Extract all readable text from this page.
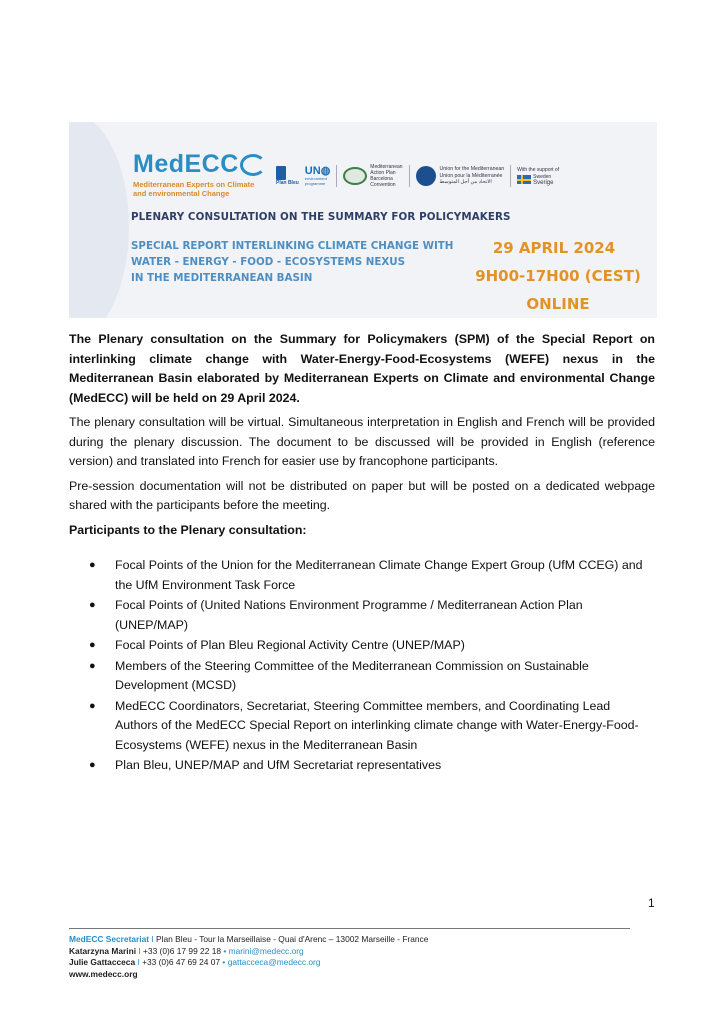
MedECC
Mediterranean Experts on Climate
and environmental Change
Plan Bleu
UN◍
environment
programme
Mediterranean
Action Plan
Barcelona
Convention
Union for the Mediterranean
Union pour la Méditerranée
الاتحاد من أجل المتوسط
With the support of
Sweden
Sverige
PLENARY CONSULTATION ON THE SUMMARY FOR POLICYMAKERS
SPECIAL REPORT INTERLINKING CLIMATE CHANGE WITH
WATER - ENERGY - FOOD - ECOSYSTEMS NEXUS
IN THE MEDITERRANEAN BASIN
29 APRIL 2024
9H00-17H00 (CEST)
ONLINE

The Plenary consultation on the Summary for Policymakers (SPM) of the Special Report on interlinking climate change with Water-Energy-Food-Ecosystems (WEFE) nexus in the Mediterranean Basin elaborated by Mediterranean Experts on Climate and environmental Change (MedECC) will be held on 29 April 2024.

The plenary consultation will be virtual. Simultaneous interpretation in English and French will be provided during the plenary discussion. The document to be discussed will be provided in English (reference version) and translated into French for easier use by francophone participants.

Pre-session documentation will not be distributed on paper but will be posted on a dedicated webpage shared with the participants before the meeting.

Participants to the Plenary consultation:

● Focal Points of the Union for the Mediterranean Climate Change Expert Group (UfM CCEG) and the UfM Environment Task Force
● Focal Points of (United Nations Environment Programme / Mediterranean Action Plan (UNEP/MAP)
● Focal Points of Plan Bleu Regional Activity Centre (UNEP/MAP)
● Members of the Steering Committee of the Mediterranean Commission on Sustainable Development (MCSD)
● MedECC Coordinators, Secretariat, Steering Committee members, and Coordinating Lead Authors of the MedECC Special Report on interlinking climate change with Water-Energy-Food-Ecosystems (WEFE) nexus in the Mediterranean Basin
● Plan Bleu, UNEP/MAP and UfM Secretariat representatives
1
MedECC Secretariat I Plan Bleu - Tour la Marseillaise - Quai d'Arenc – 13002 Marseille - France
Katarzyna Marini I +33 (0)6 17 99 22 18 • marini@medecc.org
Julie Gattacceca I +33 (0)6 47 69 24 07 • gattacceca@medecc.org
www.medecc.org
